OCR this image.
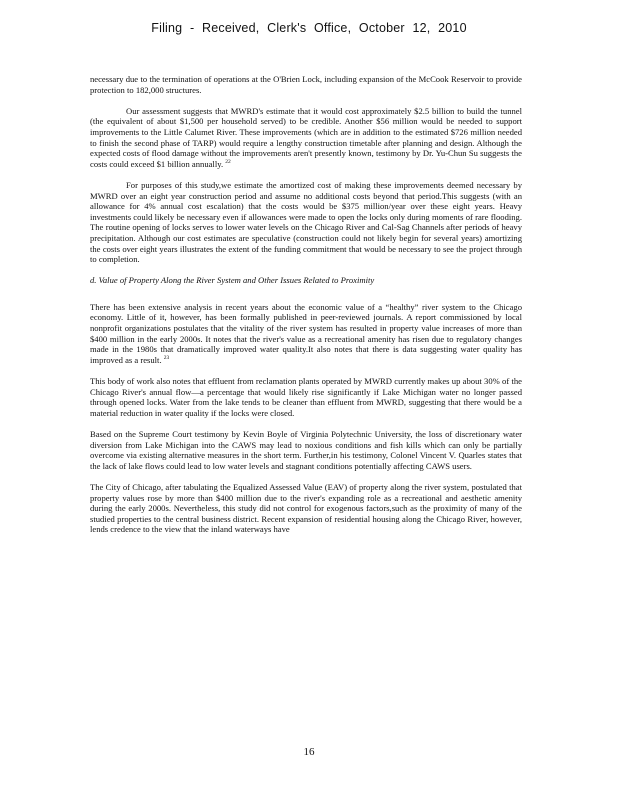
Filing - Received, Clerk's Office, October 12, 2010

necessary due to the termination of operations at the O'Brien Lock, including expansion of the McCook Reservoir to provide protection to 182,000 structures.

Our assessment suggests that MWRD's estimate that it would cost approximately $2.5 billion to build the tunnel (the equivalent of about $1,500 per household served) to be credible. Another $56 million would be needed to support improvements to the Little Calumet River. These improvements (which are in addition to the estimated $726 million needed to finish the second phase of TARP) would require a lengthy construction timetable after planning and design. Although the expected costs of flood damage without the improvements aren't presently known, testimony by Dr. Yu-Chun Su suggests the costs could exceed $1 billion annually. $^{22}$

For purposes of this study,we estimate the amortized cost of making these improvements deemed necessary by MWRD over an eight year construction period and assume no additional costs beyond that period.This suggests (with an allowance for 4% annual cost escalation) that the costs would be $375 million/year over these eight years. Heavy investments could likely be necessary even if allowances were made to open the locks only during moments of rare flooding. The routine opening of locks serves to lower water levels on the Chicago River and Cal-Sag Channels after periods of heavy precipitation. Although our cost estimates are speculative (construction could not likely begin for several years) amortizing the costs over eight years illustrates the extent of the funding commitment that would be necessary to see the project through to completion.

d. Value of Property Along the River System and Other Issues Related to Proximity

There has been extensive analysis in recent years about the economic value of a “healthy” river system to the Chicago economy. Little of it, however, has been formally published in peer-reviewed journals. A report commissioned by local nonprofit organizations postulates that the vitality of the river system has resulted in property value increases of more than $400 million in the early 2000s. It notes that the river's value as a recreational amenity has risen due to regulatory changes made in the 1980s that dramatically improved water quality.It also notes that there is data suggesting water quality has improved as a result. $^{23}$

This body of work also notes that effluent from reclamation plants operated by MWRD currently makes up about 30% of the Chicago River's annual flow—a percentage that would likely rise significantly if Lake Michigan water no longer passed through opened locks. Water from the lake tends to be cleaner than effluent from MWRD, suggesting that there would be a material reduction in water quality if the locks were closed.

Based on the Supreme Court testimony by Kevin Boyle of Virginia Polytechnic University, the loss of discretionary water diversion from Lake Michigan into the CAWS may lead to noxious conditions and fish kills which can only be partially overcome via existing alternative measures in the short term. Further,in his testimony, Colonel Vincent V. Quarles states that the lack of lake flows could lead to low water levels and stagnant conditions potentially affecting CAWS users.

The City of Chicago, after tabulating the Equalized Assessed Value (EAV) of property along the river system, postulated that property values rose by more than $400 million due to the river's expanding role as a recreational and aesthetic amenity during the early 2000s. Nevertheless, this study did not control for exogenous factors,such as the proximity of many of the studied properties to the central business district. Recent expansion of residential housing along the Chicago River, however, lends credence to the view that the inland waterways have

16
